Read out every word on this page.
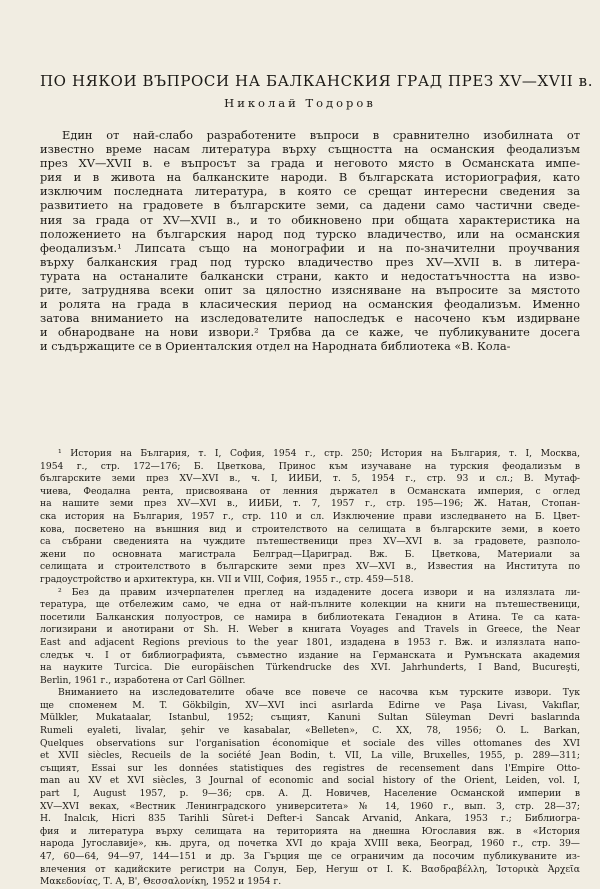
ПО НЯКОИ ВЪПРОСИ НА БАЛКАНСКИЯ ГРАД ПРЕЗ XV—XVII в.
Николай Тодоров
Един от най-слабо разработените въпроси в сравнително изобилната от
известно време насам литература върху същността на османския феодализъм
през XV—XVII в. е въпросът за града и неговото място в Османската импе-
рия и в живота на балканските народи. В българската историография, като
изключим последната литература, в която се срещат интересни сведения за
развитието на градовете в българските земи, са дадени само частични сведе-
ния за града от XV—XVII в., и то обикновено при общата характеристика на
положението на българския народ под турско владичество, или на османския
феодализъм.¹ Липсата също на монографии и на по-значителни проучвания
върху балканския град под турско владичество през XV—XVII в. в литера-
турата на останалите балкански страни, както и недостатъчността на изво-
рите, затруднява всеки опит за цялостно изясняване на въпросите за мястото
и ролята на града в класическия период на османския феодализъм. Именно
затова вниманието на изследователите напоследък е насочено към издирване
и обнародване на нови извори.² Трябва да се каже, че публикуваните досега
и съдържащите се в Ориенталския отдел на Народната библиотека «В. Кола-
¹ История на България, т. I, София, 1954 г., стр. 250; История на България, т. I, Москва,
1954 г., стр. 172—176; Б. Цветкова, Принос към изучаване на турския феодализъм в
българските земи през XV—XVI в., ч. I, ИИБИ, т. 5, 1954 г., стр. 93 и сл.; В. Мутаф-
чиева, Феодална рента, присвоявана от ленния държател в Османската империя, с оглед
на нашите земи през XV—XVI в., ИИБИ, т. 7, 1957 г., стр. 195—196; Ж. Натан, Стопан-
ска история на България, 1957 г., стр. 110 и сл. Изключение прави изследването на Б. Цвет-
кова, посветено на външния вид и строителството на селищата в българските земи, в което
са събрани сведенията на чуждите пътешественици през XV—XVI в. за градовете, разполо-
жени по основната магистрала Белград—Цариград. Вж. Б. Цветкова, Материали за
селищата и строителството в българските земи през XV—XVI в., Известия на Института по
градоустройство и архитектура, кн. VII и VIII, София, 1955 г., стр. 459—518.
² Без да правим изчерпателен преглед на издадените досега извори и на излязлата ли-
тература, ще отбележим само, че една от най-пълните колекции на книги на пътешественици,
посетили Балканския полуостров, се намира в библиотеката Генадион в Атина. Те са ката-
логизирани и анотирани от Sh. H. Weber в книгата Voyages and Travels in Greece, the Near
East and adjacent Regions previous to the year 1801, издадена в 1953 г. Вж. и излязлата напо-
следък ч. I от библиографията, съвместно издание на Германската и Румънската академия
на науките Turcica. Die europäischen Türkendrucke des XVI. Jahrhunderts, I Band, Bucureşti,
Berlin, 1961 г., изработена от Carl Göllner.
Вниманието на изследователите обаче все повече се насочва към турските извори. Тук
ще споменем M. T. Gökbilgin, XV—XVI inci asırlarda Edirne ve Paşa Livası, Vakıflar,
Mülkler, Mukataalar, Istanbul, 1952; същият, Kanuni Sultan Süleyman Devri baslarında
Rumeli eyaleti, livalar, şehir ve kasabalar, «Belleten», C. XX, 78, 1956; Ö. L. Barkan,
Quelques observations sur l'organisation économique et sociale des villes ottomanes des XVI
et XVII siècles, Recueils de la société Jean Bodin, t. VII, La ville, Bruxelles, 1955, p. 289—311;
същият, Essai sur les données statistiques des registres de recensement dans l'Empire Otto-
man au XV et XVI siècles, 3 Journal of economic and social history of the Orient, Leiden, vol. I,
part I, August 1957, p. 9—36; срв. А. Д. Новичев, Население Османской империи в
XV—XVI веках, «Вестник Ленинградского университета» № 14, 1960 г., вып. 3, стр. 28—37;
H. İnalcık, Hicri 835 Tarihli Sûret-i Defter-i Sancak Arvanid, Ankara, 1953 г.; Библиогра-
фия и литература върху селищата на територията на днешна Югославия вж. в «История
народа Југославије», књ. друга, од почетка XVI до краја XVIII века, Београд, 1960 г., стр. 39—
47, 60—64, 94—97, 144—151 и др. За Гърция ще се ограничим да посочим публикуваните из-
влечения от кадийските регистри на Солун, Бер, Негуш от I. K. Βασδραβέλλη, Ἱστορικὰ Ἀρχεῖα
Μακεδονίας, Τ. Α, Β', Θεσσαλονίκη, 1952 и 1954 г.
